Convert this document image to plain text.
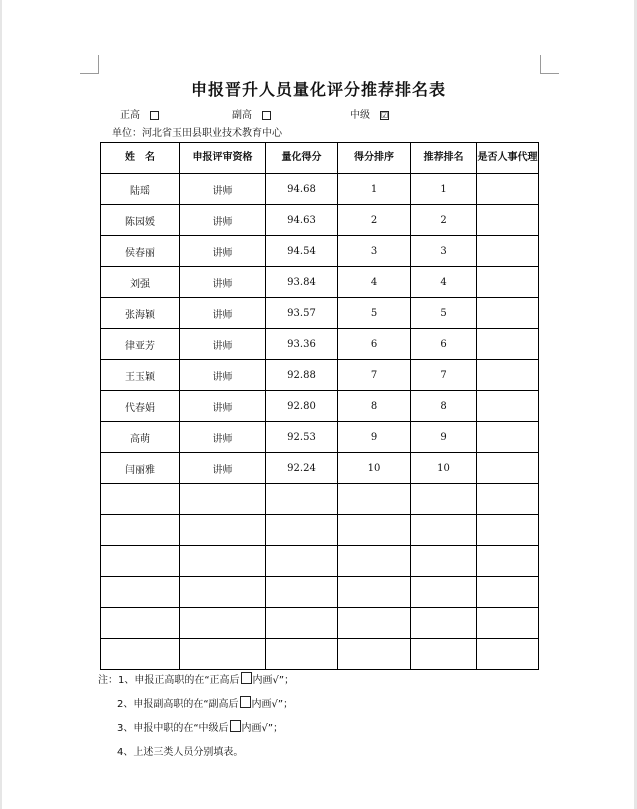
申报晋升人员量化评分推荐排名表
正高	副高	中级 ☑
单位：河北省玉田县职业技术教育中心
姓　名	申报评审资格	量化得分	得分排序	推荐排名	是否人事代理
陆瑶	讲师	94.68	1	1	
陈园媛	讲师	94.63	2	2	
侯春丽	讲师	94.54	3	3	
刘强	讲师	93.84	4	4	
张海颖	讲师	93.57	5	5	
律亚芳	讲师	93.36	6	6	
王玉颖	讲师	92.88	7	7	
代春娟	讲师	92.80	8	8	
高萌	讲师	92.53	9	9	
闫丽雅	讲师	92.24	10	10	

注：1、申报正高职的在“正高后 内画√”；
2、申报副高职的在“副高后 内画√”；
3、申报中职的在“中级后 内画√”；
4、上述三类人员分别填表。
